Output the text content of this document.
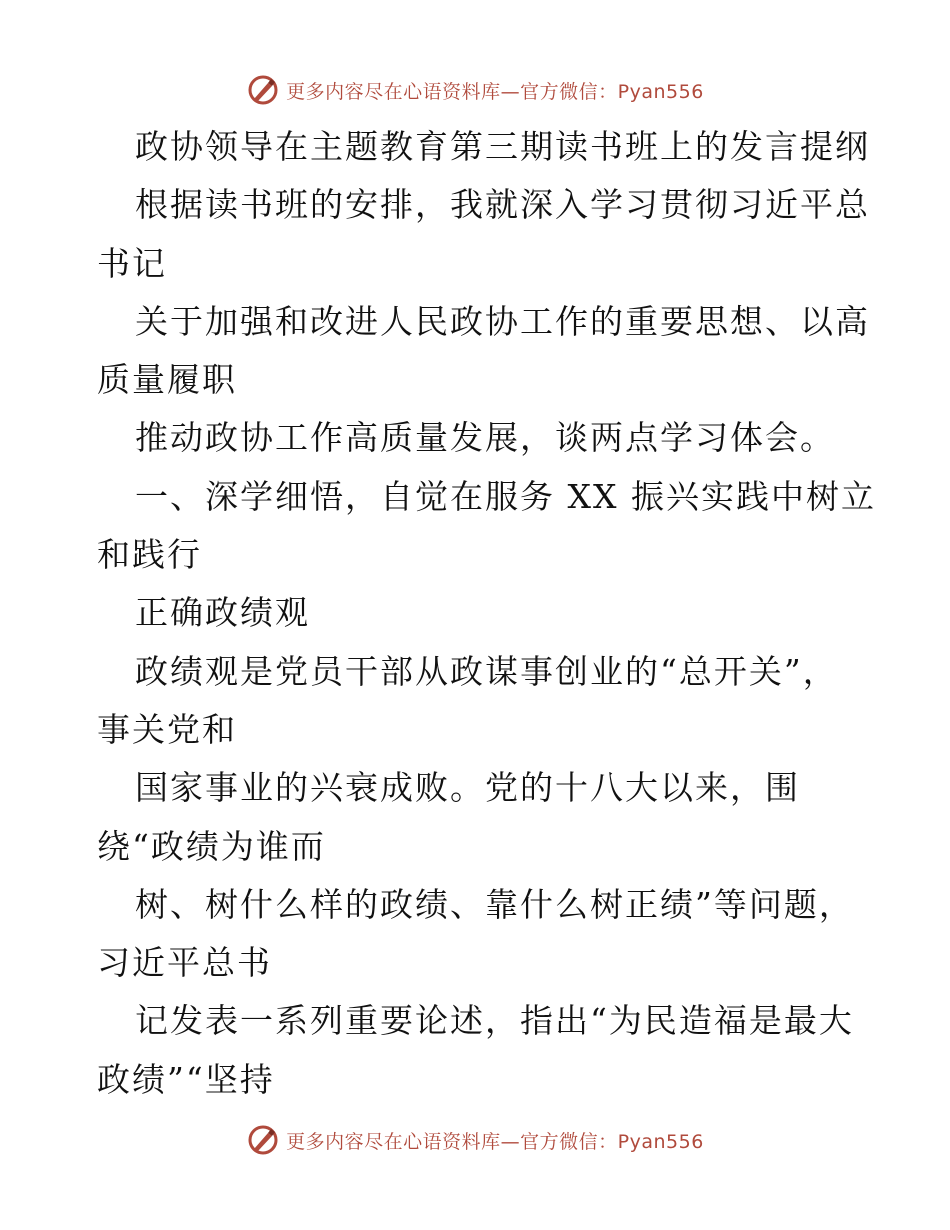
更多内容尽在心语资料库—官方微信：Pyan556
政协领导在主题教育第三期读书班上的发言提纲
根据读书班的安排，我就深入学习贯彻习近平总
书记
关于加强和改进人民政协工作的重要思想、以高
质量履职
推动政协工作高质量发展，谈两点学习体会。
一、深学细悟，自觉在服务 XX 振兴实践中树立
和践行
正确政绩观
政绩观是党员干部从政谋事创业的“总开关”，
事关党和
国家事业的兴衰成败。党的十八大以来，围
绕“政绩为谁而
树、树什么样的政绩、靠什么树正绩”等问题，
习近平总书
记发表一系列重要论述，指出“为民造福是最大
政绩”“坚持
更多内容尽在心语资料库—官方微信：Pyan556
